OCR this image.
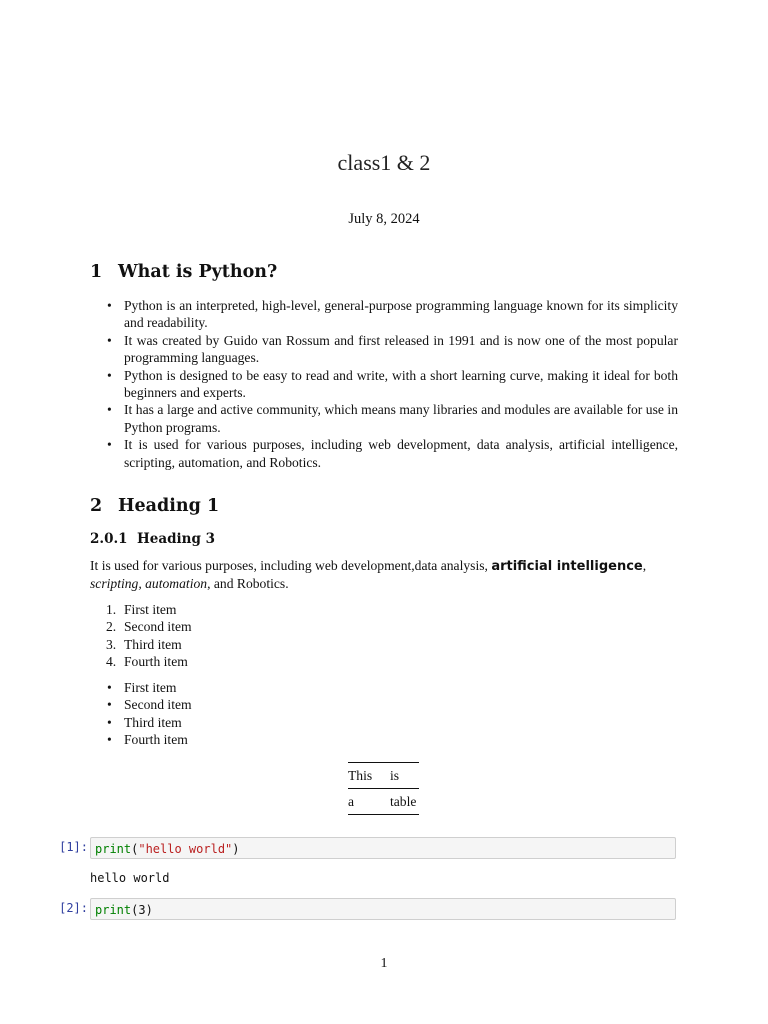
class1 & 2
July 8, 2024
1 What is Python?
• Python is an interpreted, high-level, general-purpose programming language known for its simplicity and readability.
• It was created by Guido van Rossum and first released in 1991 and is now one of the most popular programming languages.
• Python is designed to be easy to read and write, with a short learning curve, making it ideal for both beginners and experts.
• It has a large and active community, which means many libraries and modules are available for use in Python programs.
• It is used for various purposes, including web development, data analysis, artificial intelligence, scripting, automation, and Robotics.
2 Heading 1
2.0.1 Heading 3

It is used for various purposes, including web development,data analysis, artificial intelligence, scripting, automation, and Robotics.

1. First item
2. Second item
3. Third item
4. Fourth item
• First item
• Second item
• Third item
• Fourth item
This	is
a	table
[1]: print("hello world")
hello world
[2]: print(3)
1
